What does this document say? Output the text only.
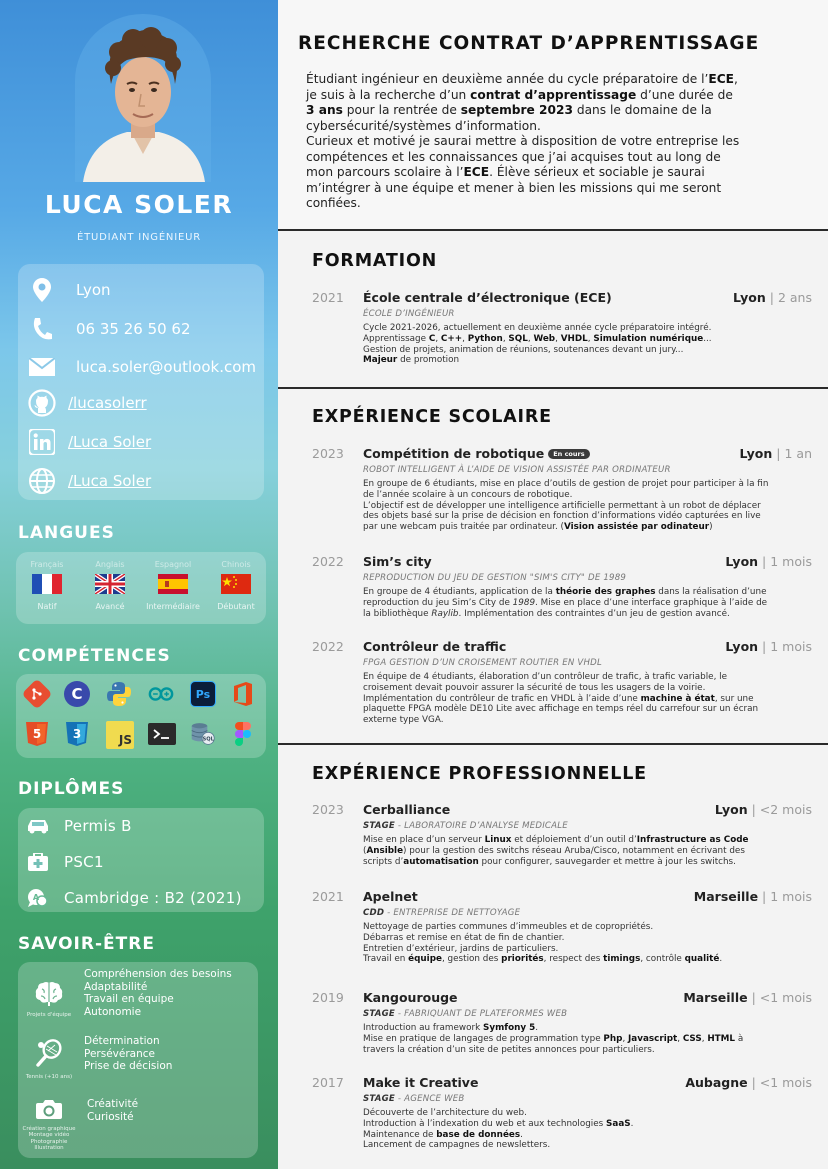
LUCA SOLER
ÉTUDIANT INGÉNIEUR
Lyon
06 35 26 50 62
luca.soler@outlook.com
/lucasolerr
/Luca Soler
/Luca Soler
LANGUES
Français
Natif
Anglais
Avancé
Espagnol
Intermédiaire
Chinois
Débutant
COMPÉTENCES
C	Ps
5	3	JS	SQL
DIPLÔMES
Permis B
PSC1
A Cambridge : B2 (2021)
SAVOIR-ÊTRE
Projets d'équipe
Compréhension des besoins
Adaptabilité
Travail en équipe
Autonomie
Tennis (+10 ans)
Détermination
Persévérance
Prise de décision
Création graphique
Montage vidéo
Photographie
Illustration
Créativité
Curiosité
RECHERCHE CONTRAT D’APPRENTISSAGE
Étudiant ingénieur en deuxième année du cycle préparatoire de l’ECE,
je suis à la recherche d’un contrat d’apprentissage d’une durée de
3 ans pour la rentrée de septembre 2023 dans le domaine de la
cybersécurité/systèmes d’information.
Curieux et motivé je saurai mettre à disposition de votre entreprise les
compétences et les connaissances que j’ai acquises tout au long de
mon parcours scolaire à l’ECE. Élève sérieux et sociable je saurai
m’intégrer à une équipe et mener à bien les missions qui me seront
confiées.
FORMATION
2021 École centrale d’électronique (ECE)	Lyon | 2 ans
ÉCOLE D’INGÉNIEUR
Cycle 2021-2026, actuellement en deuxième année cycle préparatoire intégré.
Apprentissage C, C++, Python, SQL, Web, VHDL, Simulation numérique...
Gestion de projets, animation de réunions, soutenances devant un jury...
Majeur de promotion
EXPÉRIENCE SCOLAIRE
2023 Compétition de robotique En cours	Lyon | 1 an
ROBOT INTELLIGENT À L’AIDE DE VISION ASSISTÉE PAR ORDINATEUR
En groupe de 6 étudiants, mise en place d’outils de gestion de projet pour participer à la fin
de l’année scolaire à un concours de robotique.
L’objectif est de développer une intelligence artificielle permettant à un robot de déplacer
des objets basé sur la prise de décision en fonction d’informations vidéo capturées en live
par une webcam puis traitée par ordinateur. (Vision assistée par odinateur)
2022 Sim’s city	Lyon | 1 mois
REPRODUCTION DU JEU DE GESTION "SIM'S CITY" DE 1989
En groupe de 4 étudiants, application de la théorie des graphes dans la réalisation d’une
reproduction du jeu Sim’s City de 1989. Mise en place d’une interface graphique à l’aide de
la bibliothèque Raylib. Implémentation des contraintes d’un jeu de gestion avancé.
2022 Contrôleur de traffic	Lyon | 1 mois
FPGA GESTION D’UN CROISEMENT ROUTIER EN VHDL
En équipe de 4 étudiants, élaboration d’un contrôleur de trafic, à trafic variable, le
croisement devait pouvoir assurer la sécurité de tous les usagers de la voirie.
Implémentation du contrôleur de trafic en VHDL à l’aide d’une machine à état, sur une
plaquette FPGA modèle DE10 Lite avec affichage en temps réel du carrefour sur un écran
externe type VGA.
EXPÉRIENCE PROFESSIONNELLE
2023 Cerballiance	Lyon | <2 mois
STAGE - LABORATOIRE D’ANALYSE MEDICALE
Mise en place d’un serveur Linux et déploiement d’un outil d’Infrastructure as Code
(Ansible) pour la gestion des switchs réseau Aruba/Cisco, notamment en écrivant des
scripts d’automatisation pour configurer, sauvegarder et mettre à jour les switchs.
2021 Apelnet	Marseille | 1 mois
CDD - ENTREPRISE DE NETTOYAGE
Nettoyage de parties communes d’immeubles et de copropriétés.
Débarras et remise en état de fin de chantier.
Entretien d’extérieur, jardins de particuliers.
Travail en équipe, gestion des priorités, respect des timings, contrôle qualité.
2019 Kangourouge	Marseille | <1 mois
STAGE - FABRIQUANT DE PLATEFORMES WEB
Introduction au framework Symfony 5.
Mise en pratique de langages de programmation type Php, Javascript, CSS, HTML à
travers la création d’un site de petites annonces pour particuliers.
2017 Make it Creative	Aubagne | <1 mois
STAGE - AGENCE WEB
Découverte de l’architecture du web.
Introduction à l’indexation du web et aux technologies SaaS.
Maintenance de base de données.
Lancement de campagnes de newsletters.
